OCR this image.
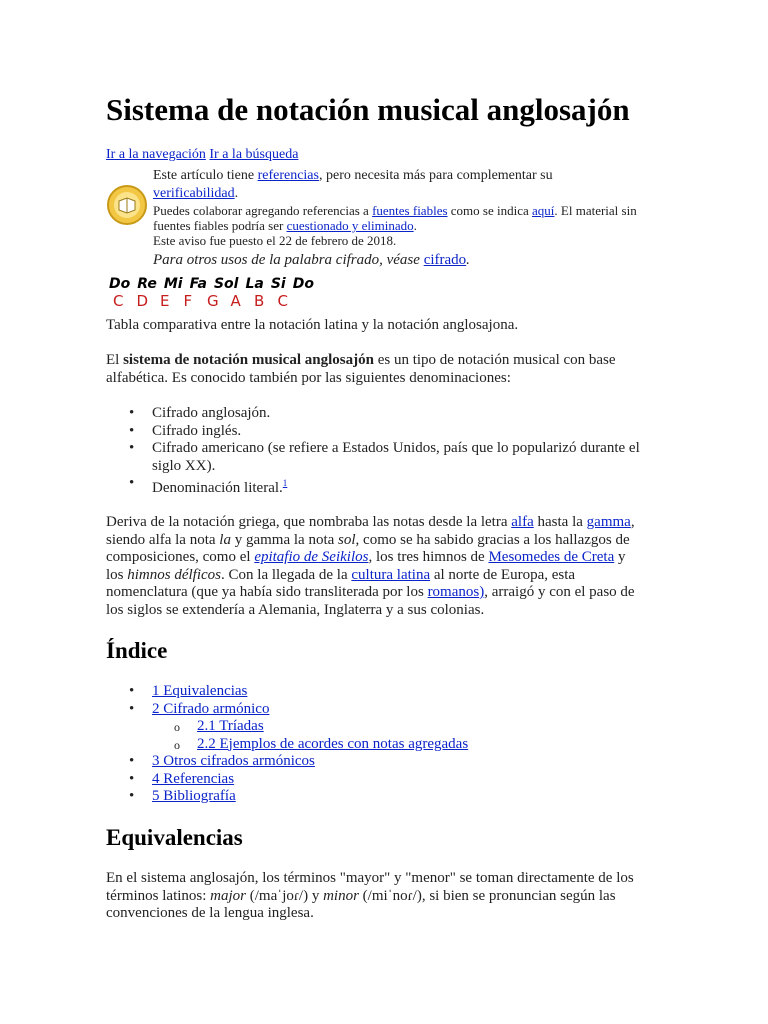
Sistema de notación musical anglosajón
Ir a la navegación Ir a la búsqueda
Este artículo tiene referencias, pero necesita más para complementar su
verificabilidad.
Puedes colaborar agregando referencias a fuentes fiables como se indica aquí. El material sin
fuentes fiables podría ser cuestionado y eliminado.
Este aviso fue puesto el 22 de febrero de 2018.
Para otros usos de la palabra cifrado, véase cifrado.
Do Re Mi Fa Sol La Si Do
C D E F G A B C
Tabla comparativa entre la notación latina y la notación anglosajona.
El sistema de notación musical anglosajón es un tipo de notación musical con base alfabética. Es conocido también por las siguientes denominaciones:
• Cifrado anglosajón.
• Cifrado inglés.
• Cifrado americano (se refiere a Estados Unidos, país que lo popularizó durante el siglo XX).
• Denominación literal.$^1$
Deriva de la notación griega, que nombraba las notas desde la letra alfa hasta la gamma, siendo alfa la nota la y gamma la nota sol, como se ha sabido gracias a los hallazgos de composiciones, como el epitafio de Seikilos, los tres himnos de Mesomedes de Creta y los himnos délficos. Con la llegada de la cultura latina al norte de Europa, esta nomenclatura (que ya había sido transliterada por los romanos), arraigó y con el paso de los siglos se extendería a Alemania, Inglaterra y a sus colonias.
Índice
• 1 Equivalencias
• 2 Cifrado armónico
o 2.1 Tríadas
o 2.2 Ejemplos de acordes con notas agregadas
• 3 Otros cifrados armónicos
• 4 Referencias
• 5 Bibliografía
Equivalencias
En el sistema anglosajón, los términos "mayor" y "menor" se toman directamente de los términos latinos: major (/maˈjoɾ/) y minor (/miˈnoɾ/), si bien se pronuncian según las convenciones de la lengua inglesa.
